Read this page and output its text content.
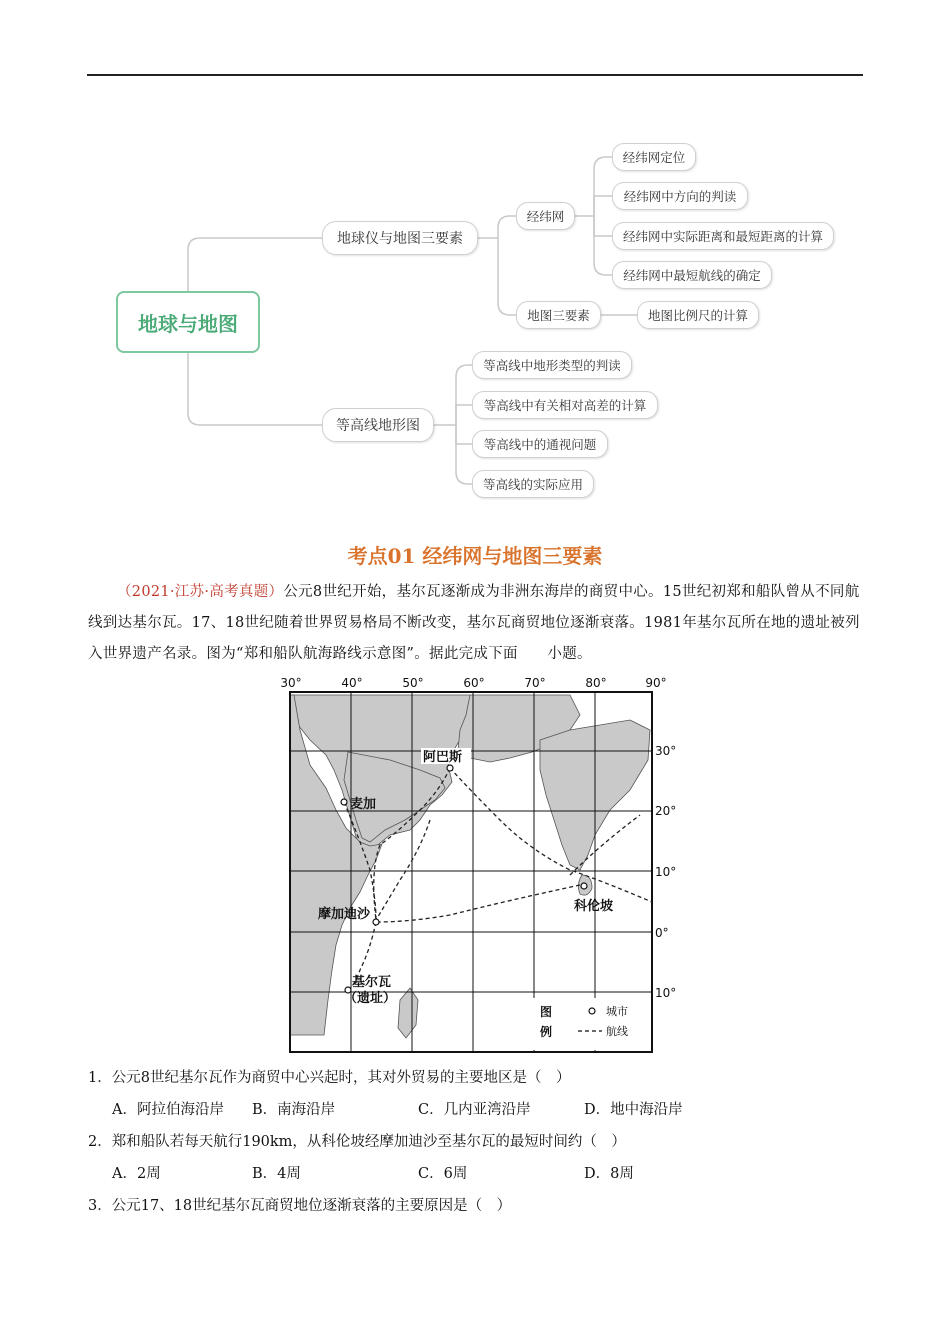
地球与地图
地球仪与地图三要素
等高线地形图
经纬网
地图三要素
经纬网定位
经纬网中方向的判读
经纬网中实际距离和最短距离的计算
经纬网中最短航线的确定
地图比例尺的计算
等高线中地形类型的判读
等高线中有关相对高差的计算
等高线中的通视问题
等高线的实际应用
考点01 经纬网与地图三要素
（2021·江苏·高考真题）公元8世纪开始，基尔瓦逐渐成为非洲东海岸的商贸中心。15世纪初郑和船队曾从不同航线到达基尔瓦。17、18世纪随着世界贸易格局不断改变，基尔瓦商贸地位逐渐衰落。1981年基尔瓦所在地的遗址被列入世界遗产名录。图为“郑和船队航海路线示意图”。据此完成下面　　小题。
30°	40°	50°	60°	70°	80°	90°
30°
20°
10°
0°
10°
阿巴斯
麦加
摩加迪沙
科伦坡
基尔瓦
（遗址）
图
例
城市
航线
1．公元8世纪基尔瓦作为商贸中心兴起时，其对外贸易的主要地区是（　）
A．阿拉伯海沿岸 B．南海沿岸	C．几内亚湾沿岸	D．地中海沿岸
2．郑和船队若每天航行190km，从科伦坡经摩加迪沙至基尔瓦的最短时间约（　）
A．2周	B．4周	C．6周	D．8周
3．公元17、18世纪基尔瓦商贸地位逐渐衰落的主要原因是（　）
